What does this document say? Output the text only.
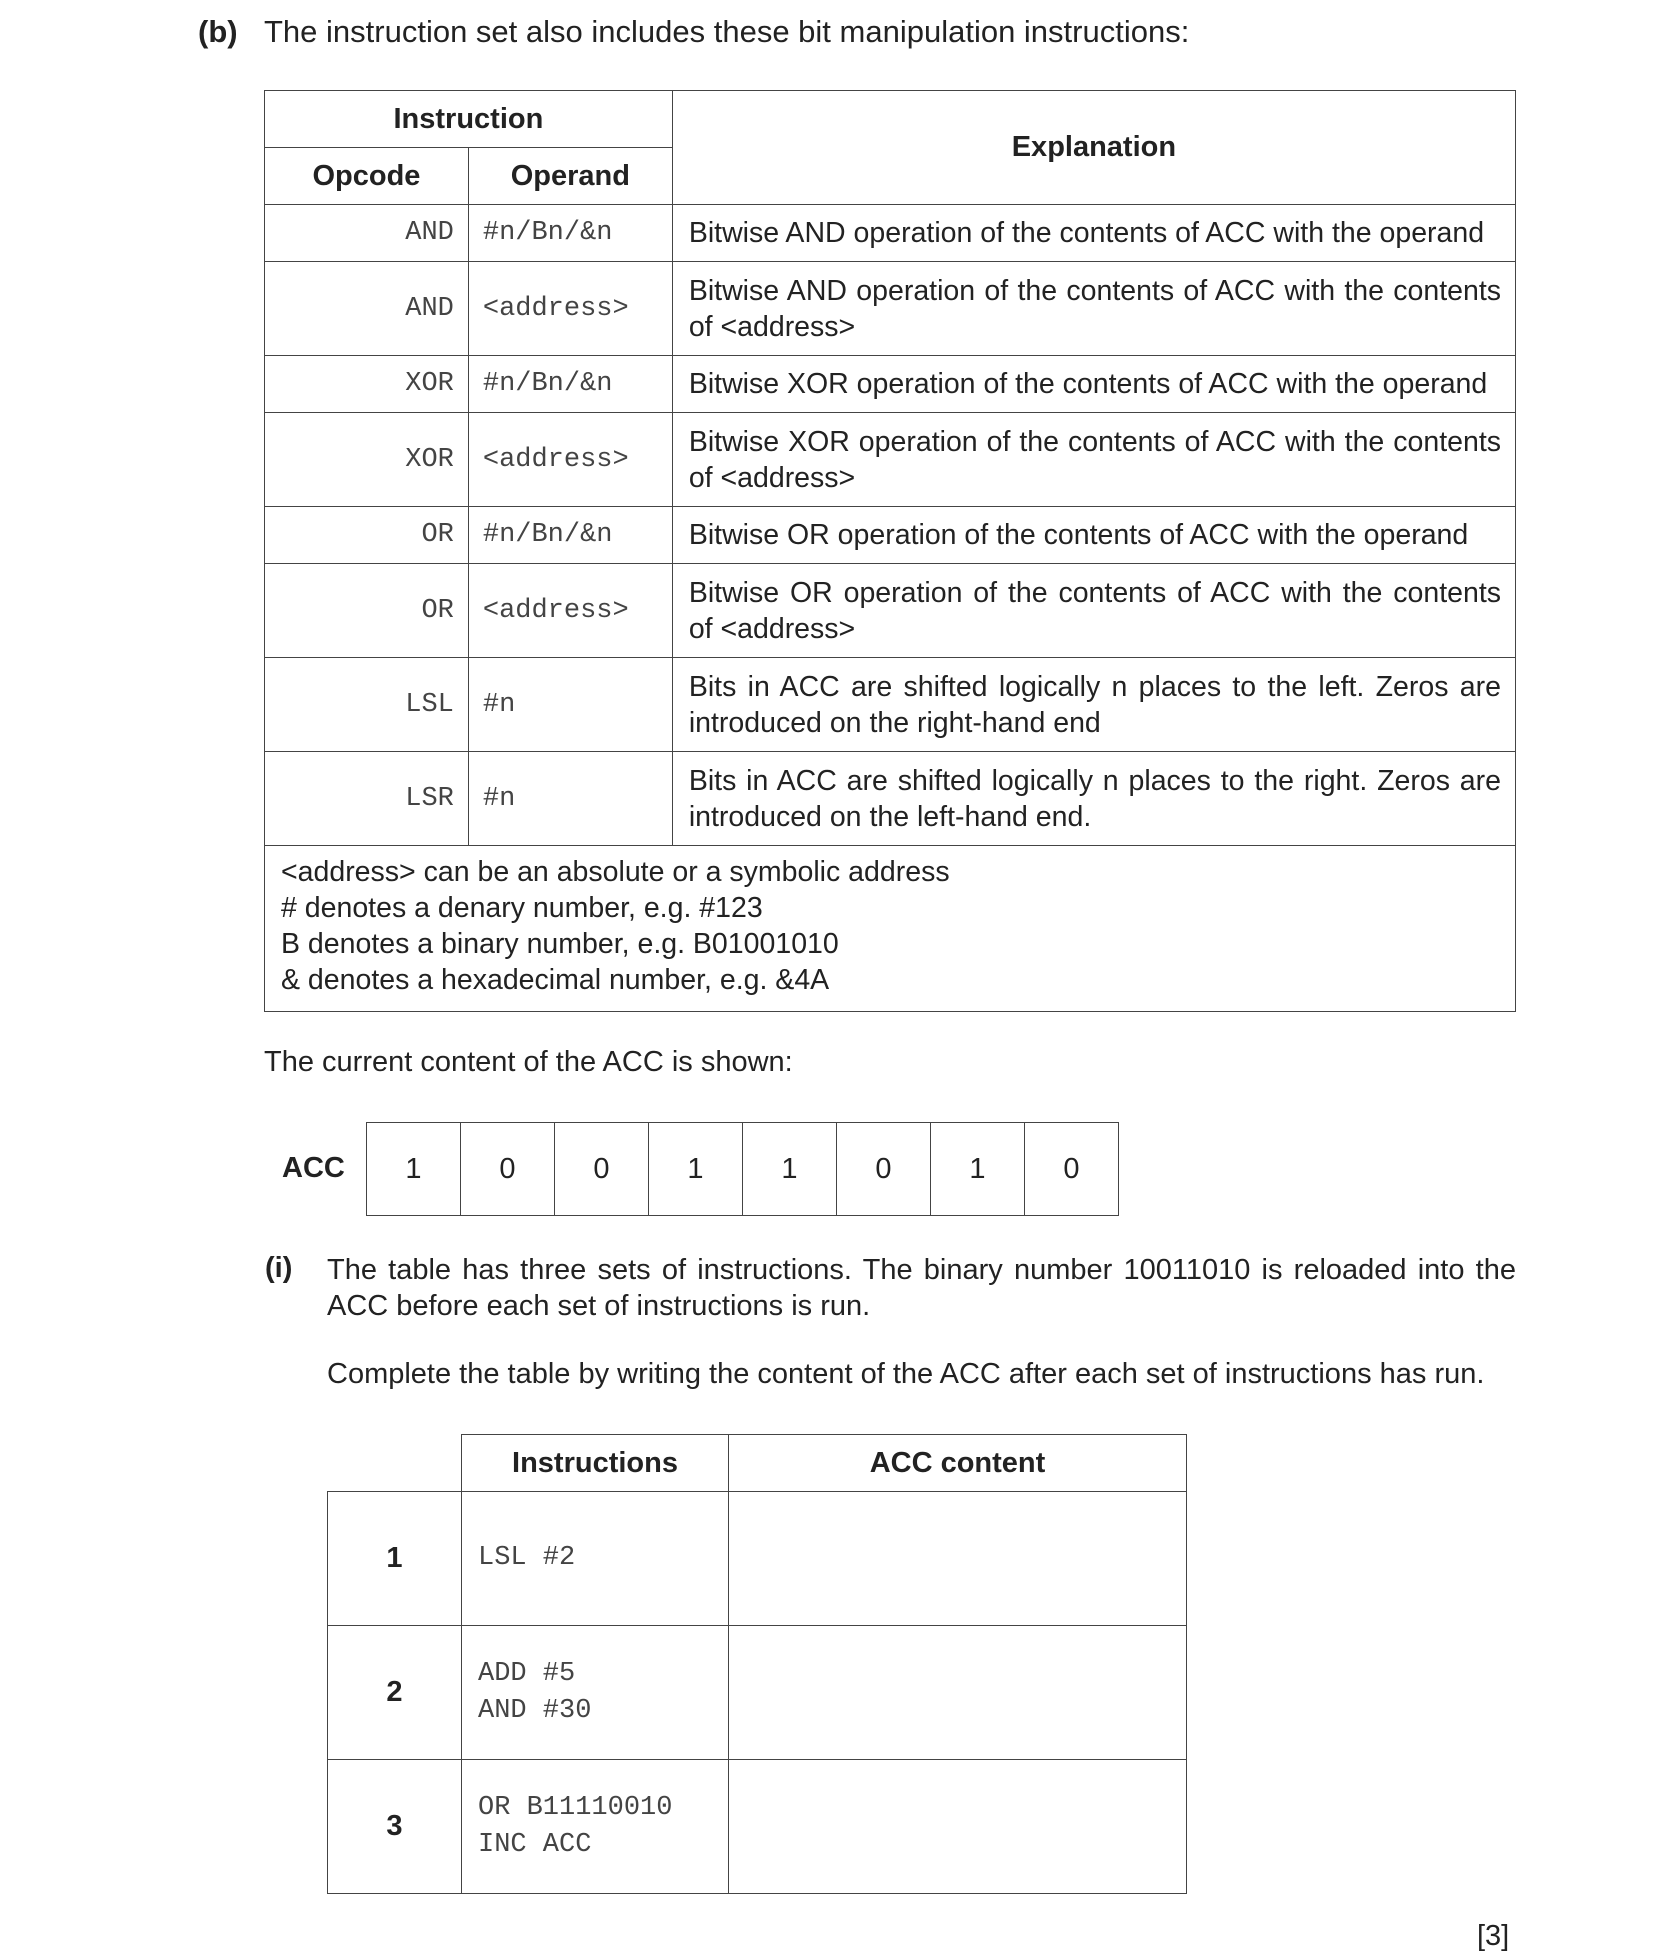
(b) The instruction set also includes these bit manipulation instructions:
Instruction		Explanation
Opcode	Operand	
AND	#n/Bn/&n	Bitwise AND operation of the contents of ACC with the operand
AND	<address>	Bitwise AND operation of the contents of ACC with the contents of <address>
XOR	#n/Bn/&n	Bitwise XOR operation of the contents of ACC with the operand
XOR	<address>	Bitwise XOR operation of the contents of ACC with the contents of <address>
OR	#n/Bn/&n	Bitwise OR operation of the contents of ACC with the operand
OR	<address>	Bitwise OR operation of the contents of ACC with the contents of <address>
LSL	#n	Bits in ACC are shifted logically n places to the left. Zeros are introduced on the right-hand end
LSR	#n	Bits in ACC are shifted logically n places to the right. Zeros are introduced on the left-hand end.

<address> can be an absolute or a symbolic address
# denotes a denary number, e.g. #123
B denotes a binary number, e.g. B01001010
& denotes a hexadecimal number, e.g. &4A		
The current content of the ACC is shown:
ACC 1	0	0	1	1	0	1	0
(i) The table has three sets of instructions. The binary number 10011010 is reloaded into the ACC before each set of instructions is run.
Complete the table by writing the content of the ACC after each set of instructions has run.
	Instructions	ACC content
1	LSL #2	

2	ADD #5
AND #30	

3	OR B11110010
INC ACC	

[3]
